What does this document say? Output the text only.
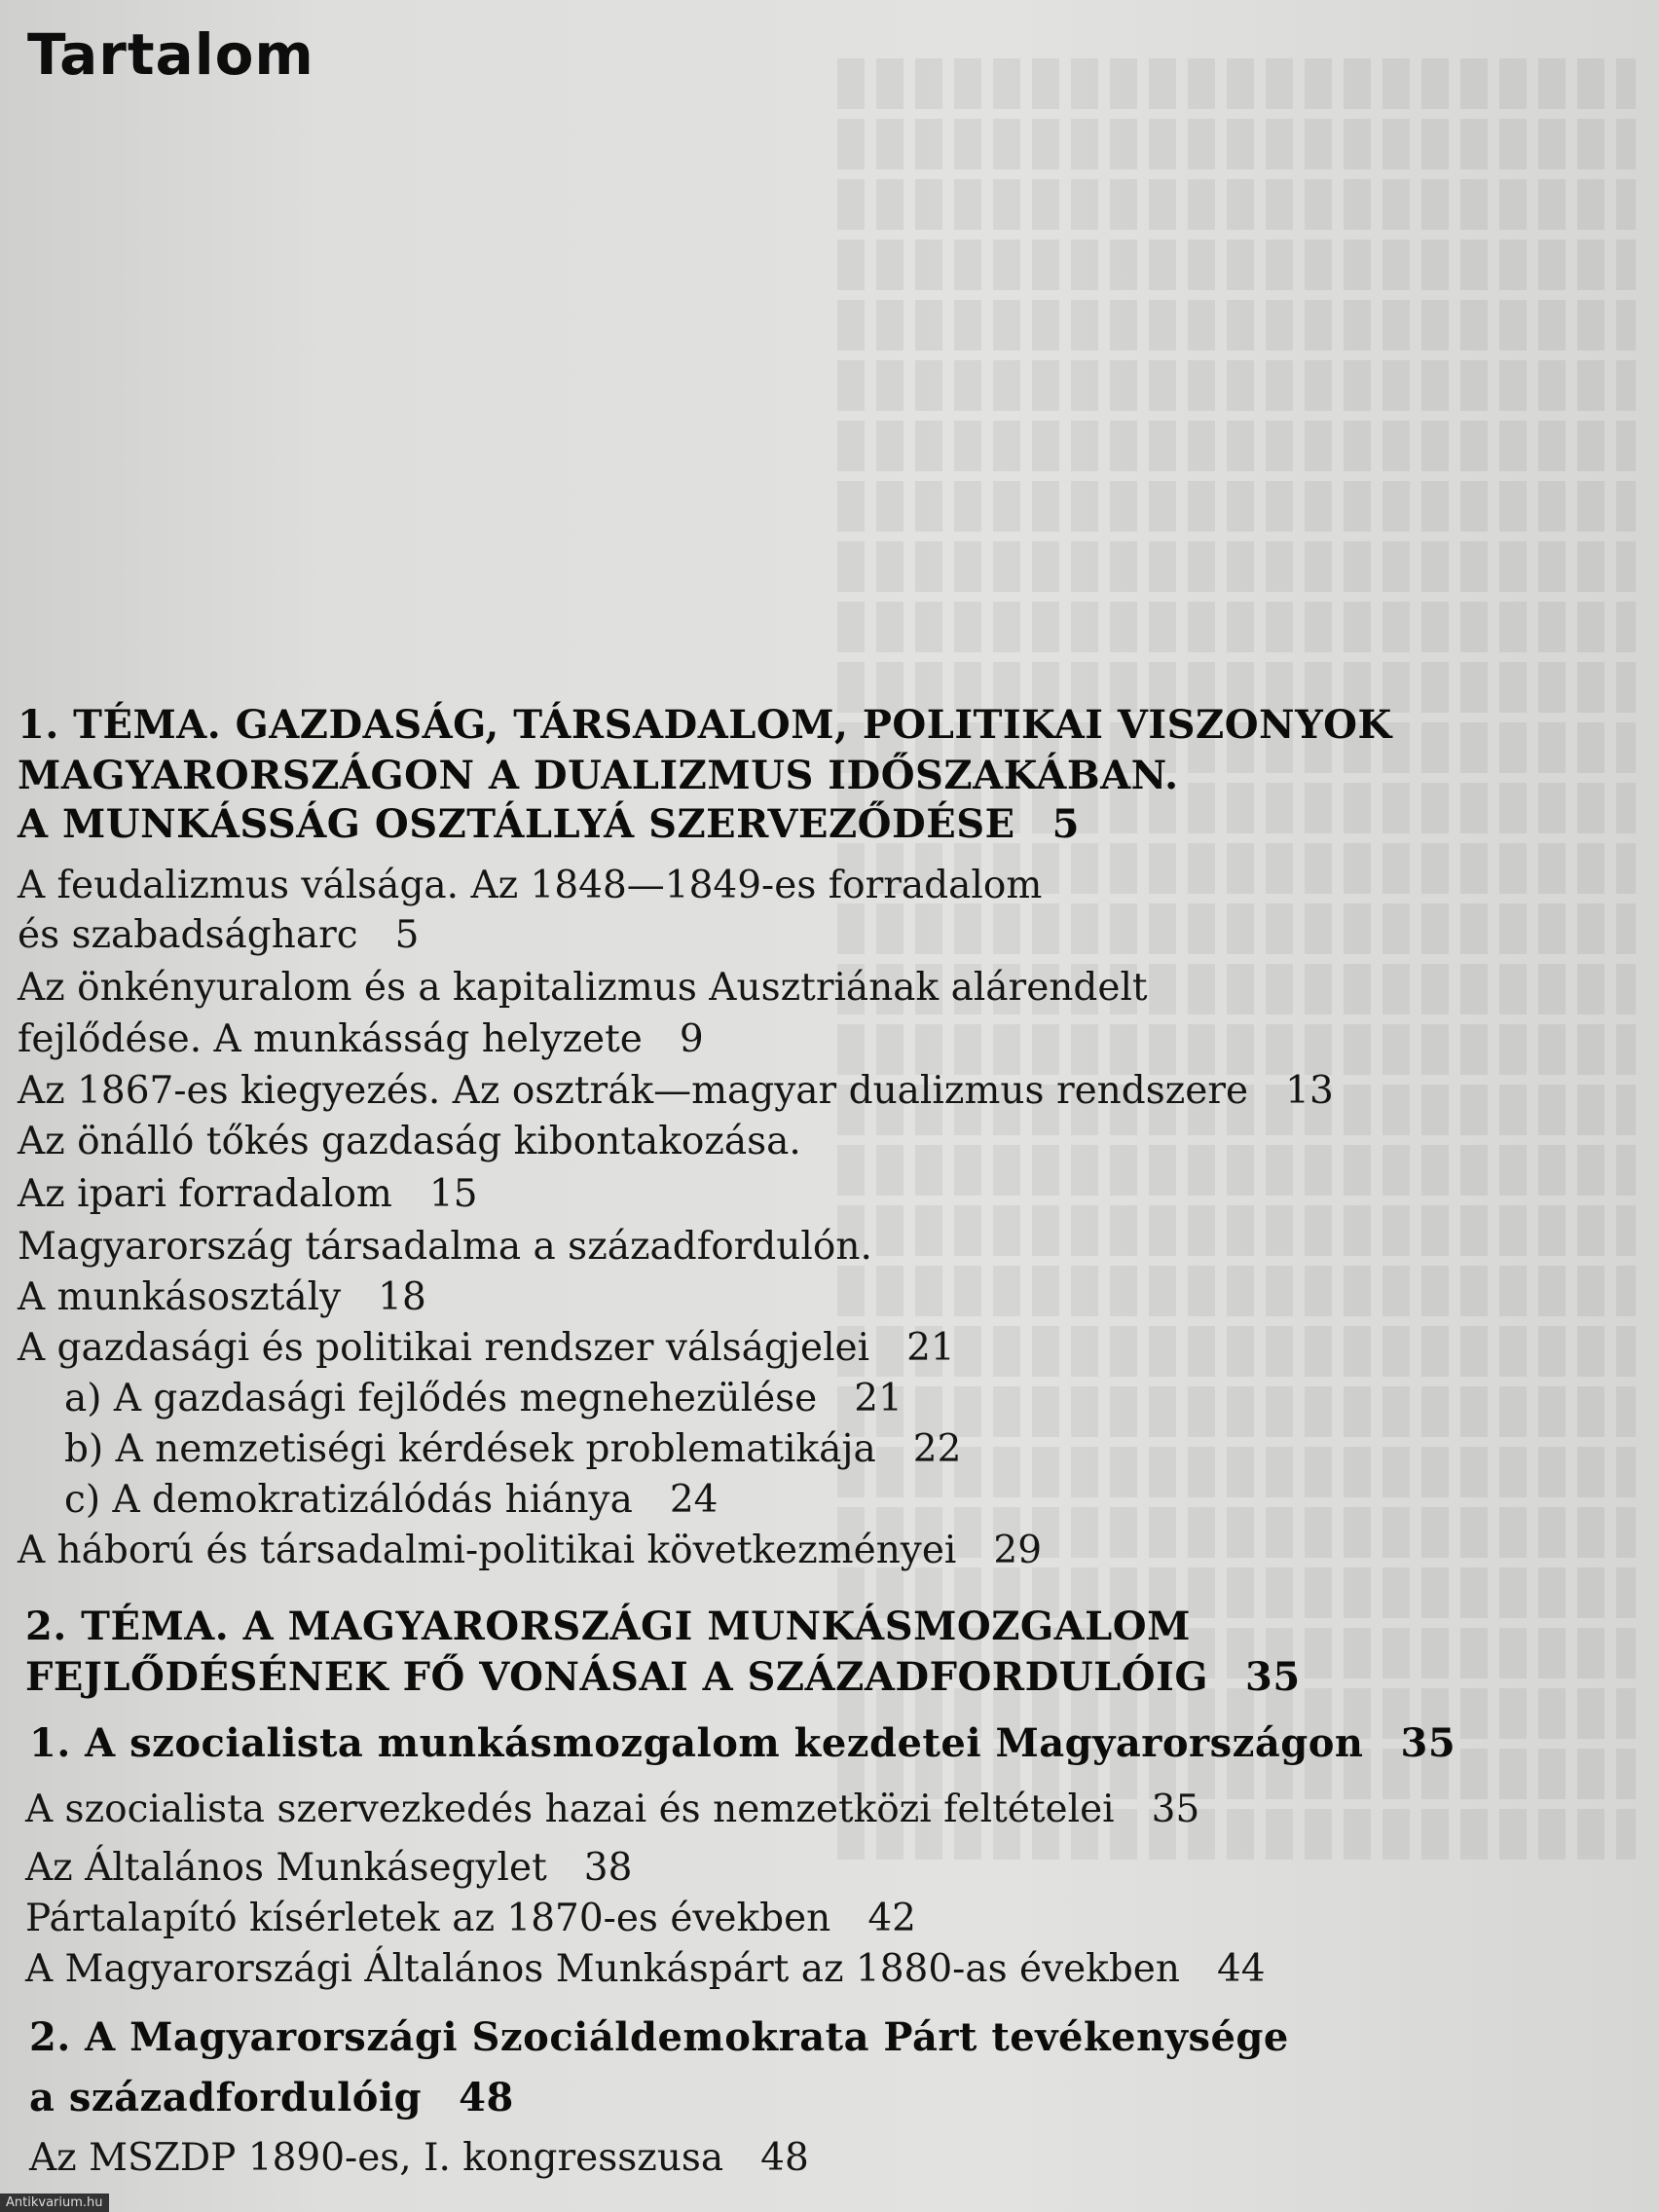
Tartalom
1. TÉMA. GAZDASÁG, TÁRSADALOM, POLITIKAI VISZONYOK
MAGYARORSZÁGON A DUALIZMUS IDŐSZAKÁBAN.
A MUNKÁSSÁG OSZTÁLLYÁ SZERVEZŐDÉSE 5
A feudalizmus válsága. Az 1848—1849-es forradalom
és szabadságharc 5
Az önkényuralom és a kapitalizmus Ausztriának alárendelt
fejlődése. A munkásság helyzete 9
Az 1867-es kiegyezés. Az osztrák—magyar dualizmus rendszere 13
Az önálló tőkés gazdaság kibontakozása.
Az ipari forradalom 15
Magyarország társadalma a századfordulón.
A munkásosztály 18
A gazdasági és politikai rendszer válságjelei 21
a) A gazdasági fejlődés megnehezülése 21
b) A nemzetiségi kérdések problematikája 22
c) A demokratizálódás hiánya 24
A háború és társadalmi-politikai következményei 29
2. TÉMA. A MAGYARORSZÁGI MUNKÁSMOZGALOM
FEJLŐDÉSÉNEK FŐ VONÁSAI A SZÁZADFORDULÓIG 35
1. A szocialista munkásmozgalom kezdetei Magyarországon 35
A szocialista szervezkedés hazai és nemzetközi feltételei 35
Az Általános Munkásegylet 38
Pártalapító kísérletek az 1870-es években 42
A Magyarországi Általános Munkáspárt az 1880-as években 44
2. A Magyarországi Szociáldemokrata Párt tevékenysége
a századfordulóig 48
Az MSZDP 1890-es, I. kongresszusa 48
Antikvarium.hu
